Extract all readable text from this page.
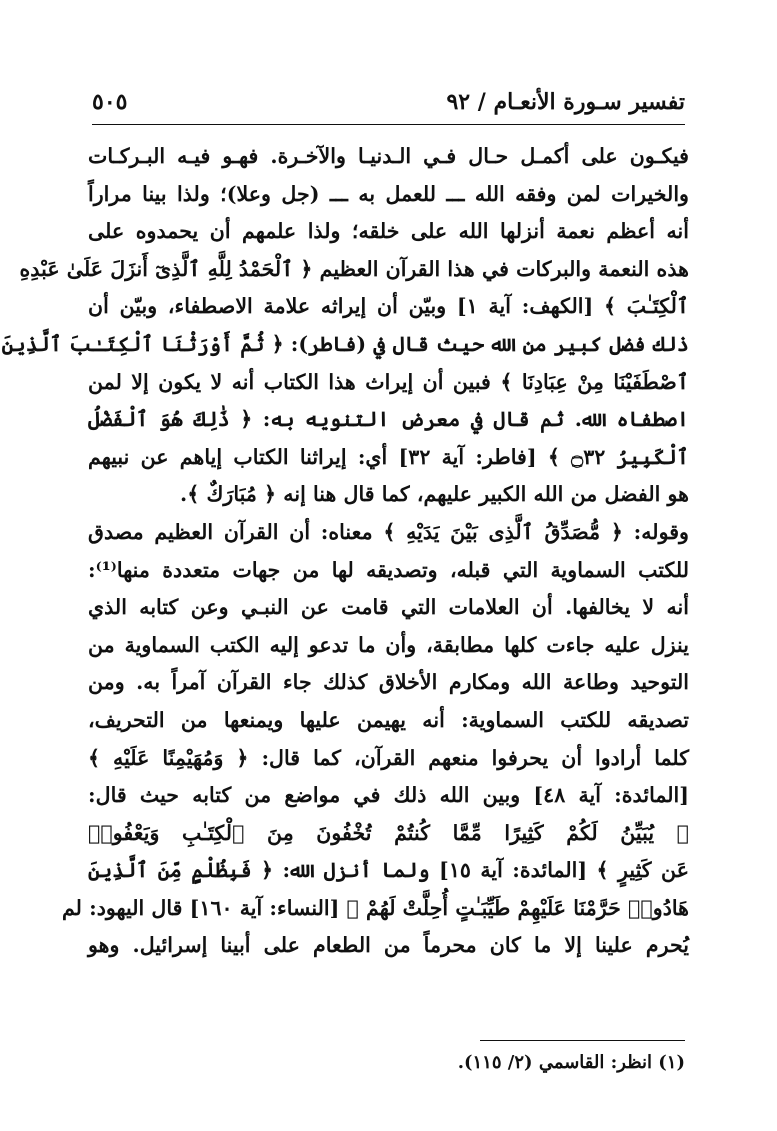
تفسير سـورة الأنعـام / ٩٢
٥٠٥
فيكـون على أكمـل حـال فـي الـدنيـا والآخـرة. فهـو فيـه البـركـات
والخيرات لمن وفقه الله ـــ للعمل به ـــ (جل وعلا)؛ ولذا بينا مراراً
أنه أعظم نعمة أنزلها الله على خلقه؛ ولذا علمهم أن يحمدوه على
هذه النعمة والبركات في هذا القرآن العظيم ﴿ ٱلْحَمْدُ لِلَّهِ ٱلَّذِىٓ أَنزَلَ عَلَىٰ عَبْدِهِ
ٱلْكِتَـٰبَ ﴾ [الكهف: آية ١] وبيّن أن إيراثه علامة الاصطفاء، وبيّن أن
ذلك فضل كبير من الله حيث قال في (فاطر): ﴿ ثُمَّ أَوْرَثْنَا ٱلْكِتَـٰبَ ٱلَّذِينَ
ٱصْطَفَيْنَا مِنْ عِبَادِنَا ﴾ فبين أن إيراث هذا الكتاب أنه لا يكون إلا لمن
اصطفاه الله. ثم قال في معرض التنويه به: ﴿ ذَٰلِكَ هُوَ ٱلْفَضْلُ
ٱلْكَبِيرُ ۝٣٢ ﴾ [فاطر: آية ٣٢] أي: إيراثنا الكتاب إياهم عن نبيهم
هو الفضل من الله الكبير عليهم، كما قال هنا إنه ﴿ مُبَارَكٌ ﴾.
وقوله: ﴿ مُّصَدِّقُ ٱلَّذِى بَيْنَ يَدَيْهِ ﴾ معناه: أن القرآن العظيم مصدق
للكتب السماوية التي قبله، وتصديقه لها من جهات متعددة منها⁽¹⁾:
أنه لا يخالفها. أن العلامات التي قامت عن النبـي وعن كتابه الذي
ينزل عليه جاءت كلها مطابقة، وأن ما تدعو إليه الكتب السماوية من
التوحيد وطاعة الله ومكارم الأخلاق كذلك جاء القرآن آمراً به. ومن
تصديقه للكتب السماوية: أنه يهيمن عليها ويمنعها من التحريف،
كلما أرادوا أن يحرفوا منعهم القرآن، كما قال: ﴿ وَمُهَيْمِنًا عَلَيْهِ ﴾
[المائدة: آية ٤٨] وبين الله ذلك في مواضع من كتابه حيث قال:
﴿ يُبَيِّنُ لَكُمْ كَثِيرًا مِّمَّا كُنتُمْ تُخْفُونَ مِنَ ٱلْكِتَـٰبِ وَيَعْفُوا۟
عَن كَثِيرٍ ﴾ [المائدة: آية ١٥] ولما أنزل الله: ﴿ فَبِظُلْمٍ مِّنَ ٱلَّذِينَ
هَادُوا۟ حَرَّمْنَا عَلَيْهِمْ طَيِّبَـٰتٍ أُحِلَّتْ لَهُمْ ﴾ [النساء: آية ١٦٠] قال اليهود: لم
يُحرم علينا إلا ما كان محرماً من الطعام على أبينا إسرائيل. وهو
(١) انظر: القاسمي (٢/ ١١٥).
